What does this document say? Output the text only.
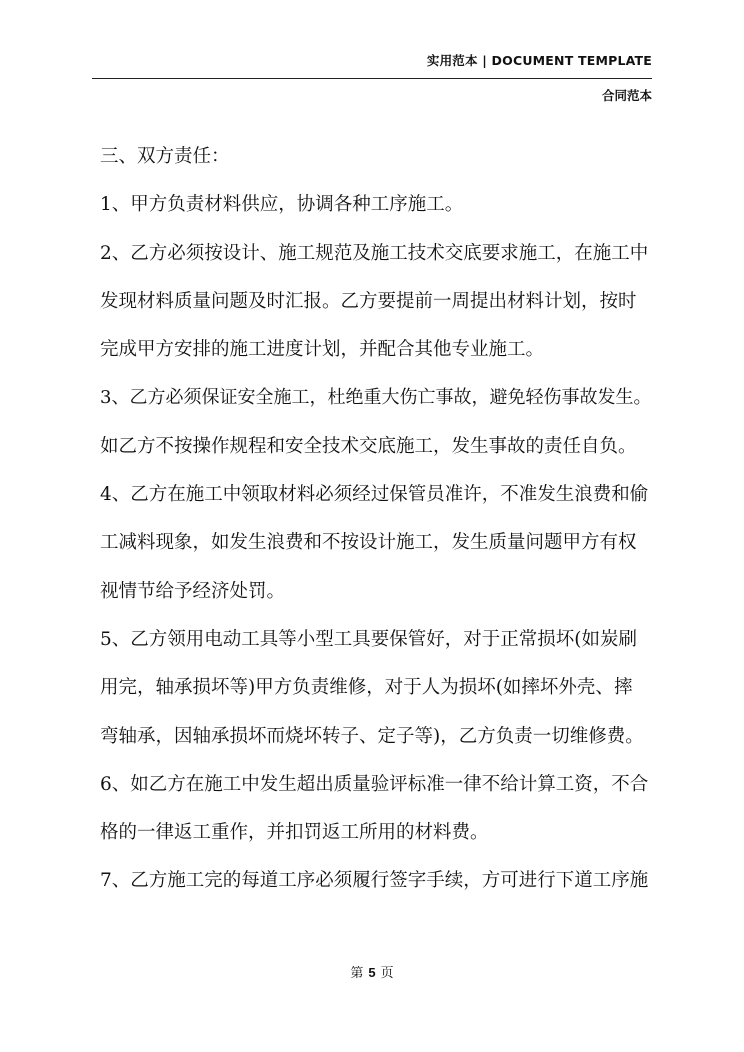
实用范本 | DOCUMENT TEMPLATE
合同范本
三、双方责任：
1、甲方负责材料供应，协调各种工序施工。
2、乙方必须按设计、施工规范及施工技术交底要求施工，在施工中
发现材料质量问题及时汇报。乙方要提前一周提出材料计划，按时
完成甲方安排的施工进度计划，并配合其他专业施工。
3、乙方必须保证安全施工，杜绝重大伤亡事故，避免轻伤事故发生。
如乙方不按操作规程和安全技术交底施工，发生事故的责任自负。
4、乙方在施工中领取材料必须经过保管员准许，不准发生浪费和偷
工减料现象，如发生浪费和不按设计施工，发生质量问题甲方有权
视情节给予经济处罚。
5、乙方领用电动工具等小型工具要保管好，对于正常损坏(如炭刷
用完，轴承损坏等)甲方负责维修，对于人为损坏(如摔坏外壳、摔
弯轴承，因轴承损坏而烧坏转子、定子等)，乙方负责一切维修费。
6、如乙方在施工中发生超出质量验评标准一律不给计算工资，不合
格的一律返工重作，并扣罚返工所用的材料费。
7、乙方施工完的每道工序必须履行签字手续，方可进行下道工序施
第 5 页
